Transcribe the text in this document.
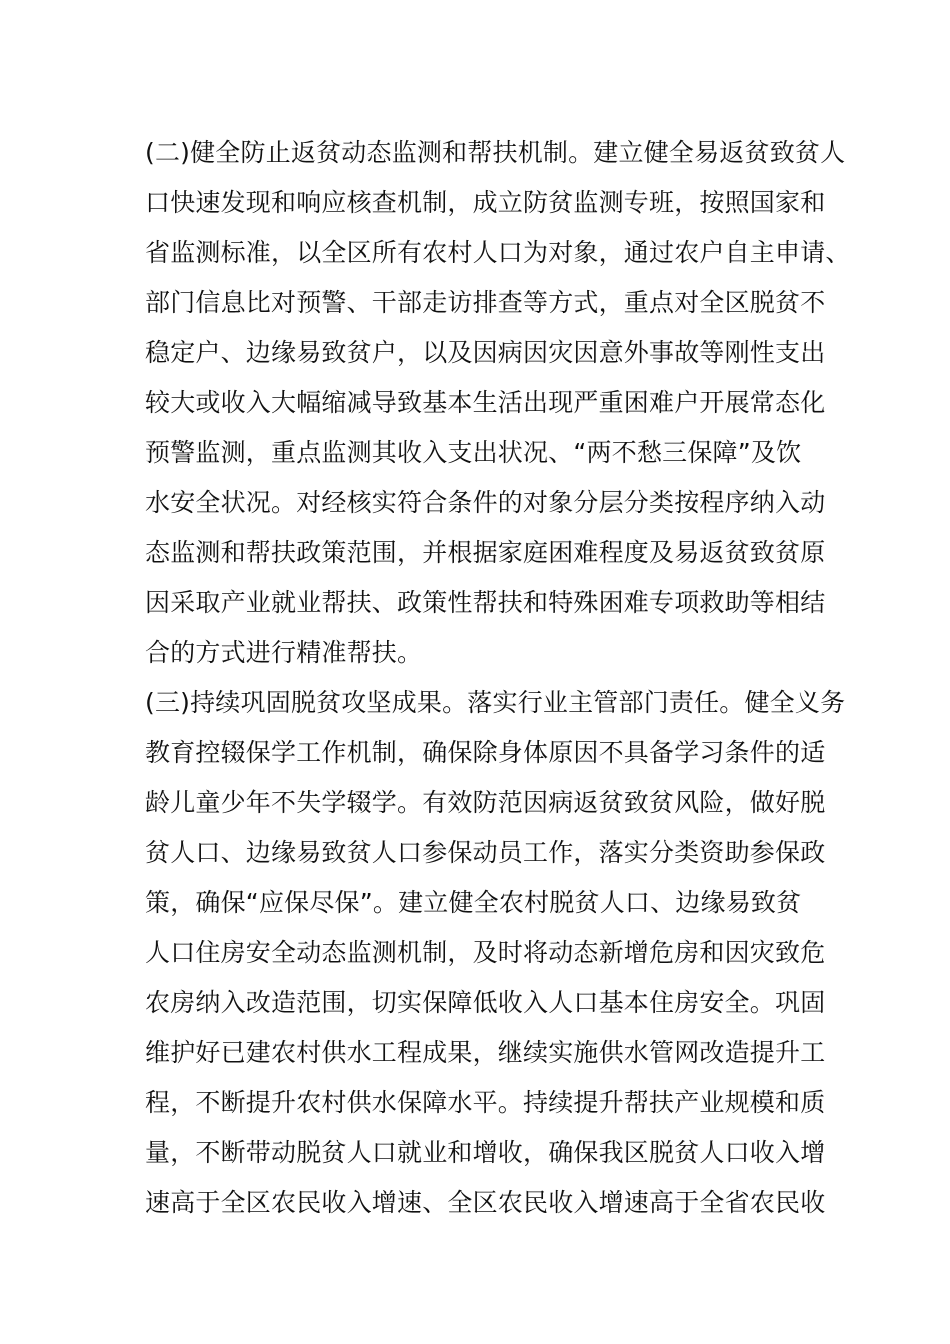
(二)健全防止返贫动态监测和帮扶机制。建立健全易返贫致贫人
口快速发现和响应核查机制，成立防贫监测专班，按照国家和
省监测标准，以全区所有农村人口为对象，通过农户自主申请、
部门信息比对预警、干部走访排查等方式，重点对全区脱贫不
稳定户、边缘易致贫户，以及因病因灾因意外事故等刚性支出
较大或收入大幅缩减导致基本生活出现严重困难户开展常态化
预警监测，重点监测其收入支出状况、“两不愁三保障”及饮
水安全状况。对经核实符合条件的对象分层分类按程序纳入动
态监测和帮扶政策范围，并根据家庭困难程度及易返贫致贫原
因采取产业就业帮扶、政策性帮扶和特殊困难专项救助等相结
合的方式进行精准帮扶。
(三)持续巩固脱贫攻坚成果。落实行业主管部门责任。健全义务
教育控辍保学工作机制，确保除身体原因不具备学习条件的适
龄儿童少年不失学辍学。有效防范因病返贫致贫风险，做好脱
贫人口、边缘易致贫人口参保动员工作，落实分类资助参保政
策，确保“应保尽保”。建立健全农村脱贫人口、边缘易致贫
人口住房安全动态监测机制，及时将动态新增危房和因灾致危
农房纳入改造范围，切实保障低收入人口基本住房安全。巩固
维护好已建农村供水工程成果，继续实施供水管网改造提升工
程，不断提升农村供水保障水平。持续提升帮扶产业规模和质
量，不断带动脱贫人口就业和增收，确保我区脱贫人口收入增
速高于全区农民收入增速、全区农民收入增速高于全省农民收
